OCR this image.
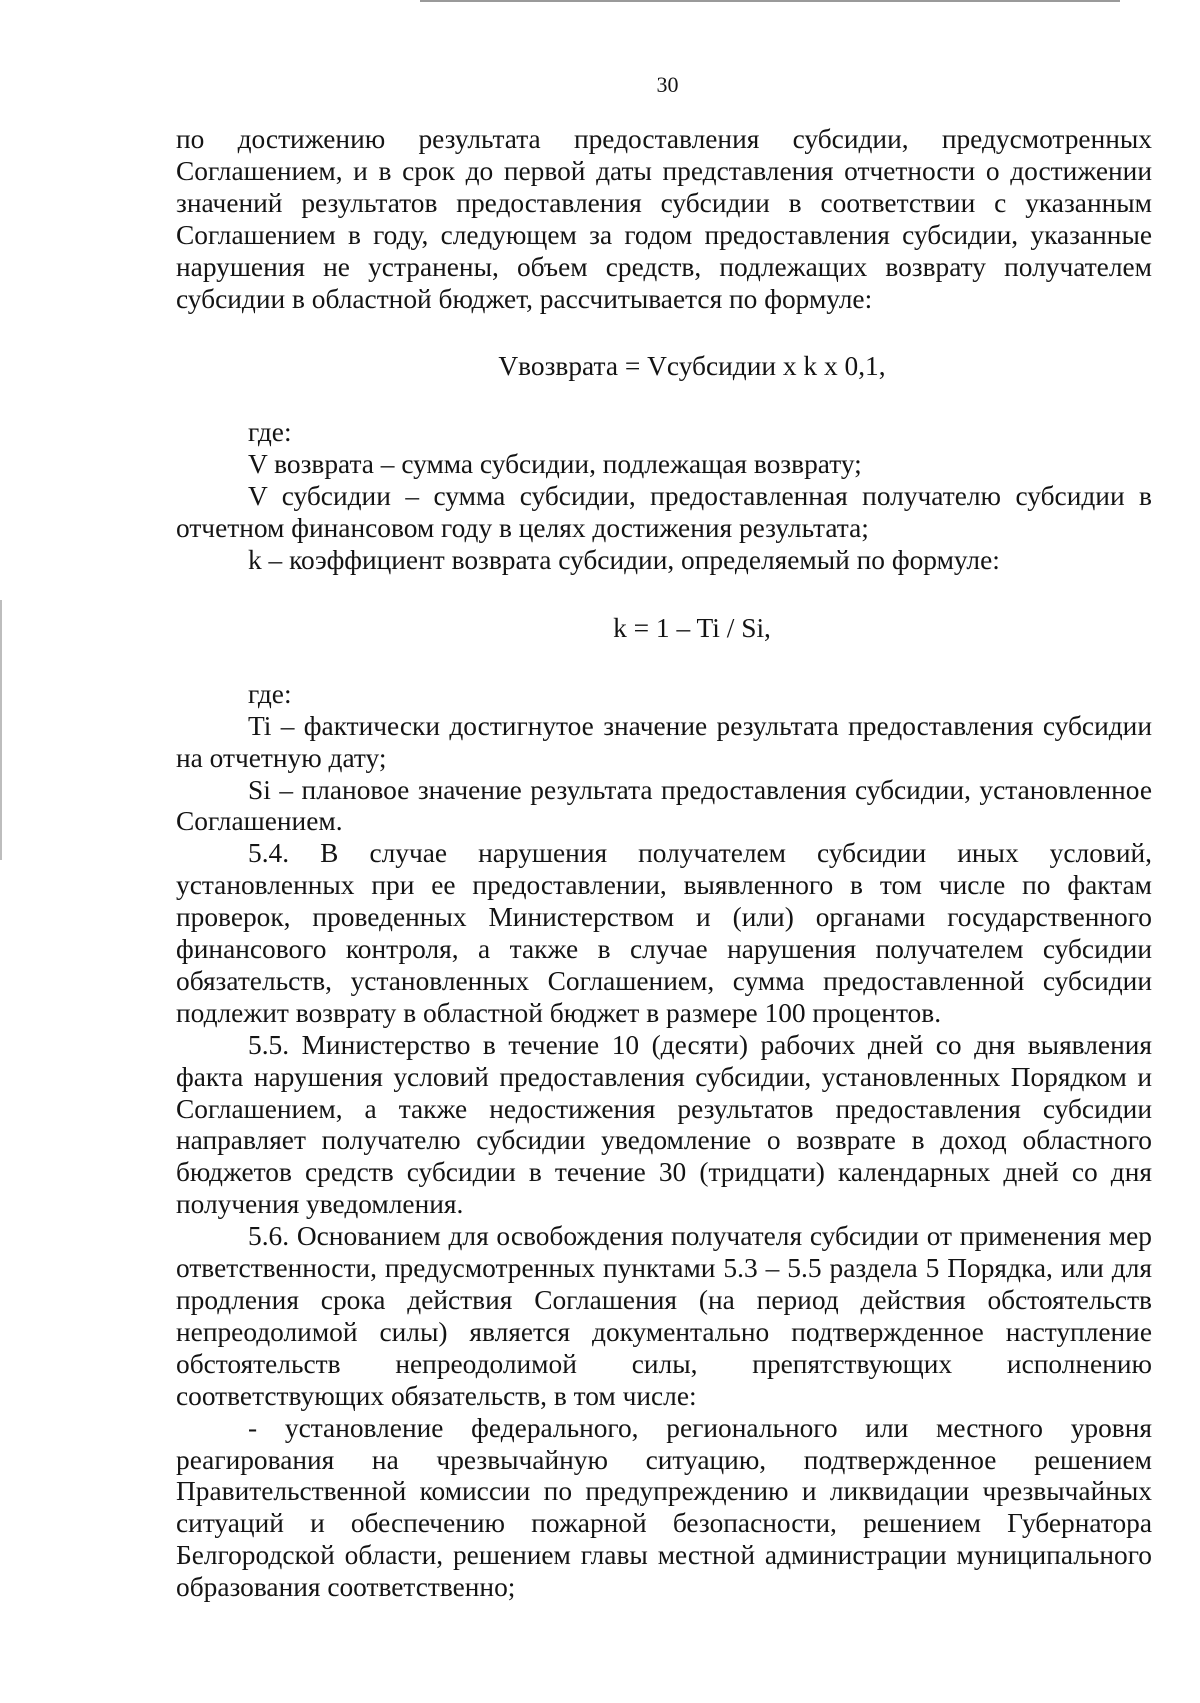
30

по достижению результата предоставления субсидии, предусмотренных Соглашением, и в срок до первой даты представления отчетности о достижении значений результатов предоставления субсидии в соответствии с указанным Соглашением в году, следующем за годом предоставления субсидии, указанные нарушения не устранены, объем средств, подлежащих возврату получателем субсидии в областной бюджет, рассчитывается по формуле:

Vвозврата = Vсубсидии x k x 0,1,

где:

V возврата – сумма субсидии, подлежащая возврату;

V субсидии – сумма субсидии, предоставленная получателю субсидии в отчетном финансовом году в целях достижения результата;

k – коэффициент возврата субсидии, определяемый по формуле:

k = 1 – Ti / Si,

где:

Ti – фактически достигнутое значение результата предоставления субсидии на отчетную дату;

Si – плановое значение результата предоставления субсидии, установленное Соглашением.

5.4. В случае нарушения получателем субсидии иных условий, установленных при ее предоставлении, выявленного в том числе по фактам проверок, проведенных Министерством и (или) органами государственного финансового контроля, а также в случае нарушения получателем субсидии обязательств, установленных Соглашением, сумма предоставленной субсидии подлежит возврату в областной бюджет в размере 100 процентов.

5.5. Министерство в течение 10 (десяти) рабочих дней со дня выявления факта нарушения условий предоставления субсидии, установленных Порядком и Соглашением, а также недостижения результатов предоставления субсидии направляет получателю субсидии уведомление о возврате в доход областного бюджетов средств субсидии в течение 30 (тридцати) календарных дней со дня получения уведомления.

5.6. Основанием для освобождения получателя субсидии от применения мер ответственности, предусмотренных пунктами 5.3 – 5.5 раздела 5 Порядка, или для продления срока действия Соглашения (на период действия обстоятельств непреодолимой силы) является документально подтвержденное наступление обстоятельств непреодолимой силы, препятствующих исполнению соответствующих обязательств, в том числе:

- установление федерального, регионального или местного уровня реагирования на чрезвычайную ситуацию, подтвержденное решением Правительственной комиссии по предупреждению и ликвидации чрезвычайных ситуаций и обеспечению пожарной безопасности, решением Губернатора Белгородской области, решением главы местной администрации муниципального образования соответственно;
